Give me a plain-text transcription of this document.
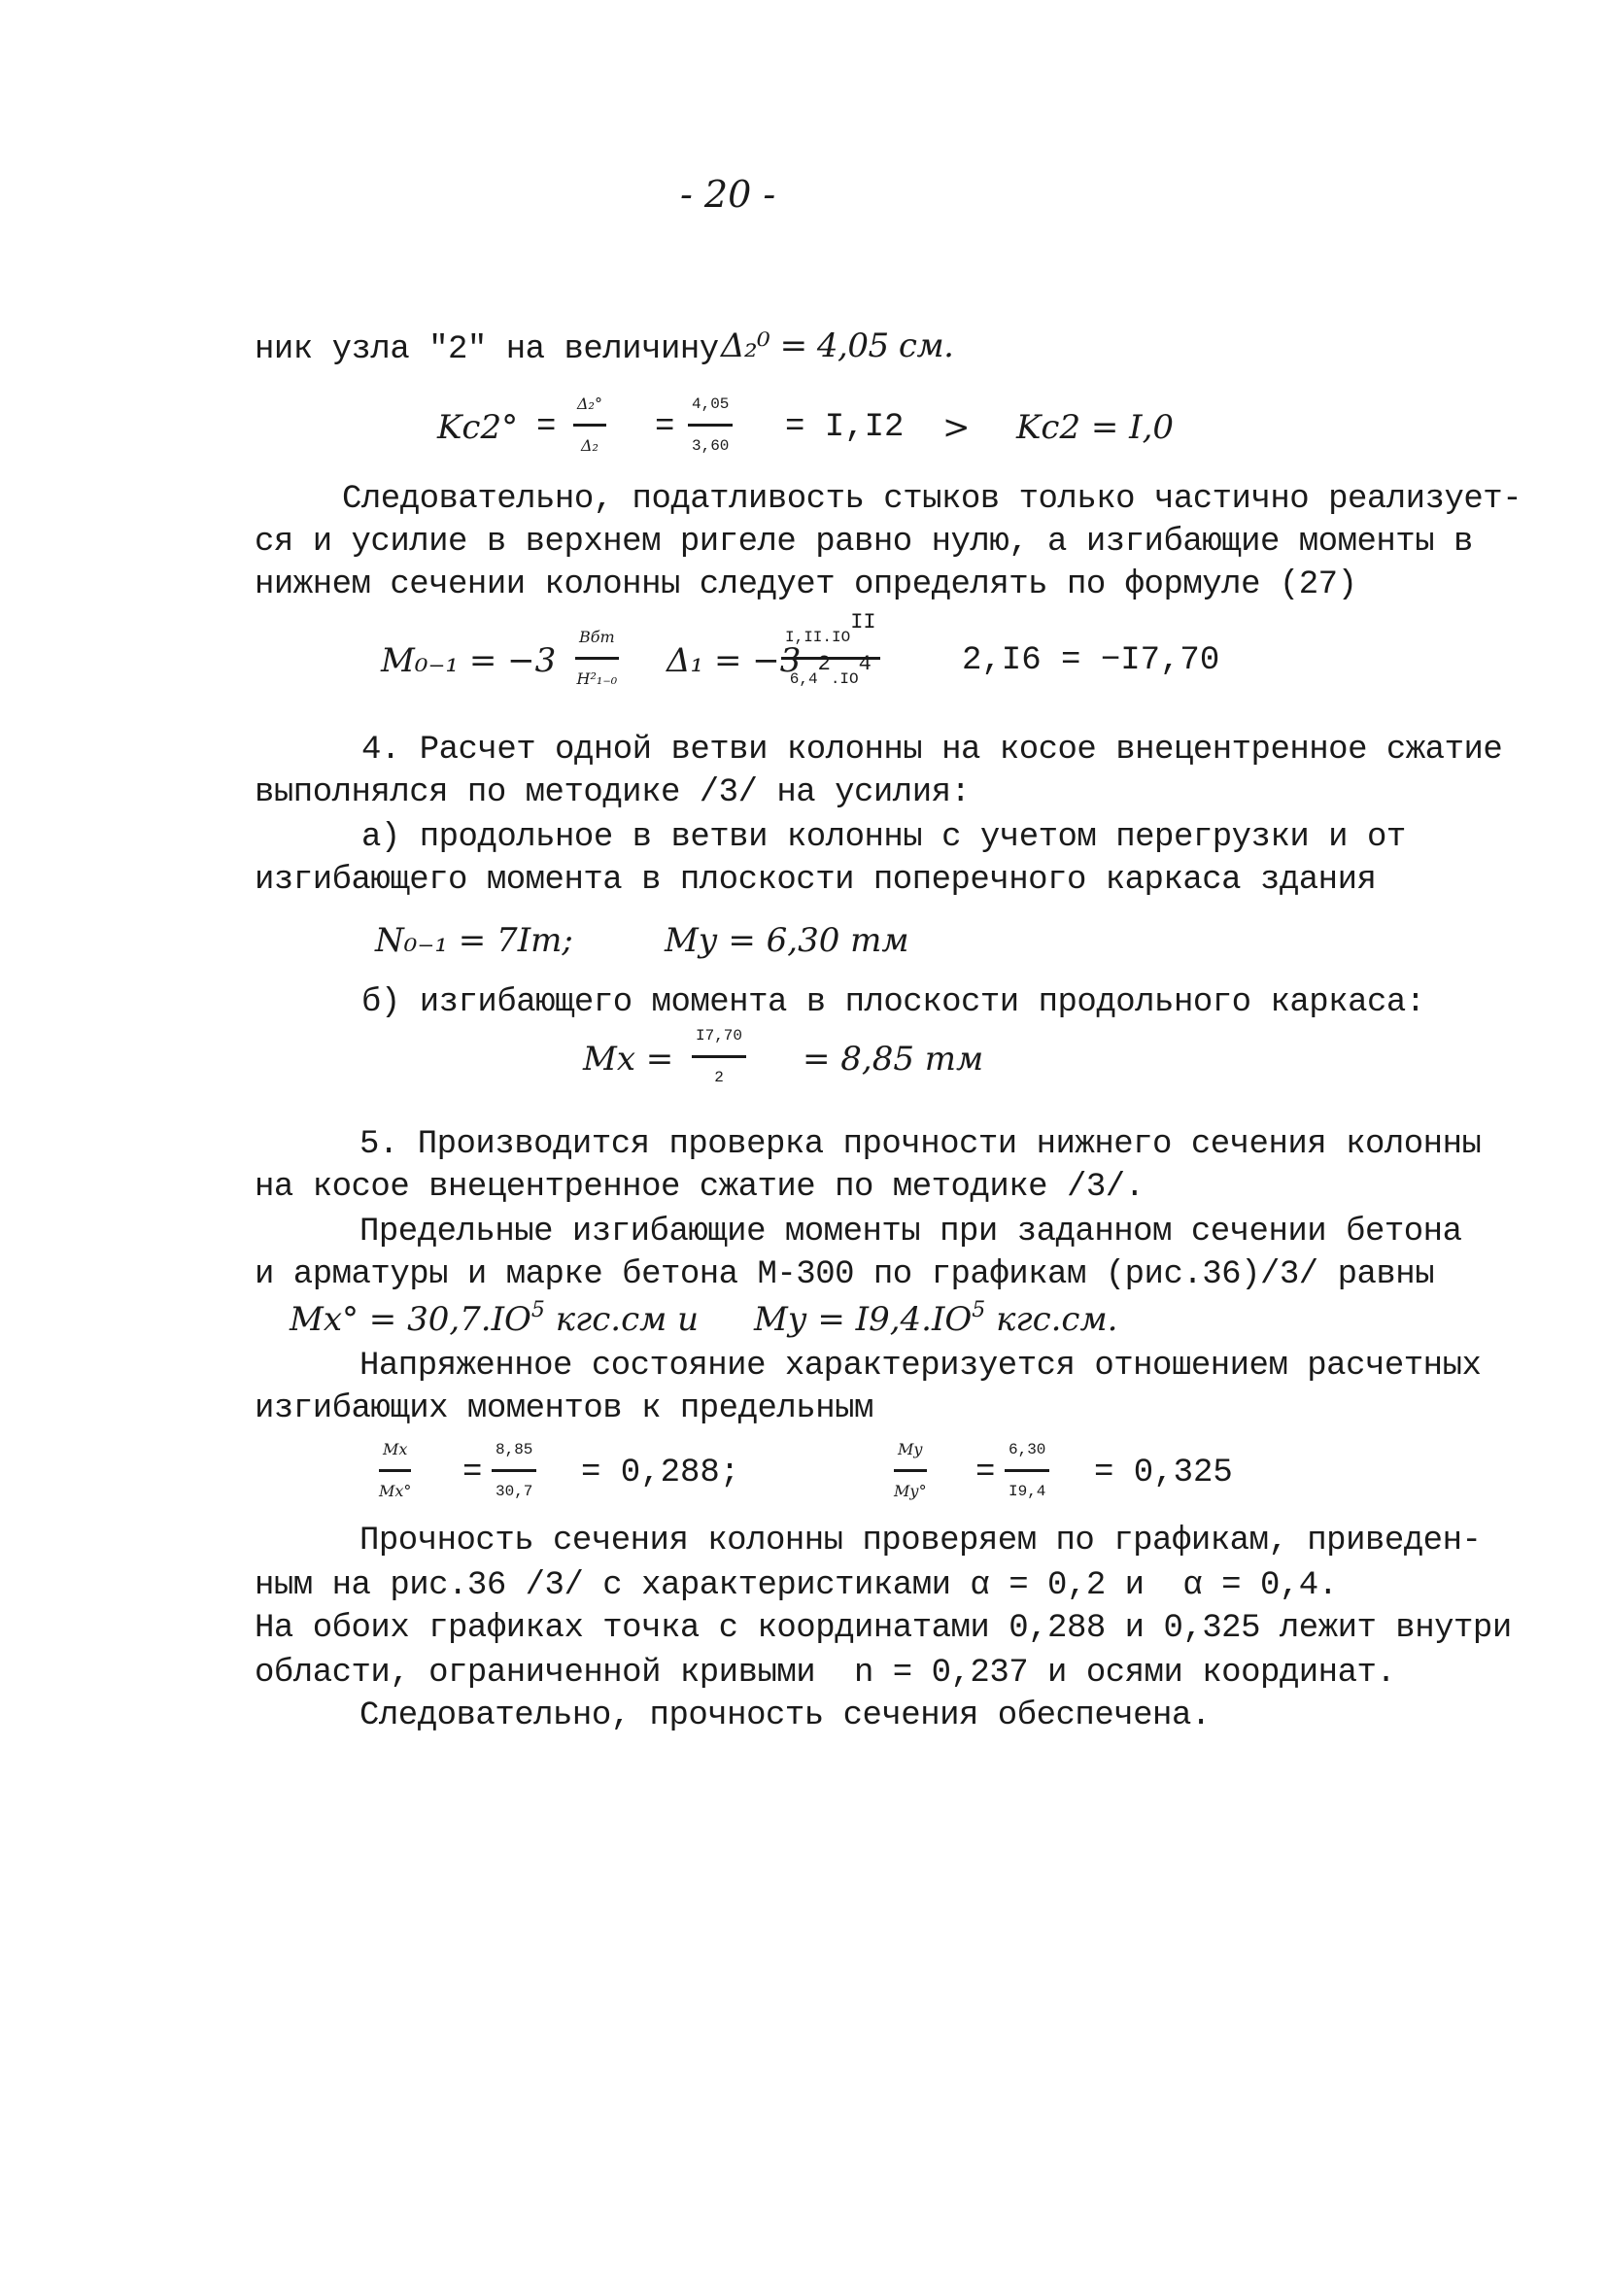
- 20 -
ник узла "2" на величину Δ₂⁰ = 4,05 см.
$Kc2^\circ = \frac{\text{Δ₂°}}{\text{Δ₂}} = \frac{4,05}{3,60} = I,I2 > Kc2 = I,0$
Следовательно, податливость стыков только частично реализует-
ся и усилие в верхнем ригеле равно нулю, а изгибающие моменты в
нижнем сечении колонны следует определять по формуле (27)
M₀₋₁ = −3
Bбт
H²₁₋₀ Δ₁ = −3
$I,II.IO^{II}$
$6,4^2.IO^4$	2,I6 = −I7,70
4. Расчет одной ветви колонны на косое внецентренное сжатие
выполнялся по методике /3/ на усилия:
а) продольное в ветви колонны с учетом перегрузки и от
изгибающего момента в плоскости поперечного каркаса здания
N₀₋₁ = 7Iт;	Mу = 6,30 тм
б) изгибающего момента в плоскости продольного каркаса:
$Mx = \frac{I7,70}{2} = 8,85$ тм
5. Производится проверка прочности нижнего сечения колонны
на косое внецентренное сжатие по методике /3/.
Предельные изгибающие моменты при заданном сечении бетона
и арматуры и марке бетона М-300 по графикам (рис.36)/3/ равны
$Mx^\circ = 30,7.IO^5$ кгс.см и Mу = $I9,4.IO^5$ кгс.см.
Напряженное состояние характеризуется отношением расчетных
изгибающих моментов к предельным
$\frac{Mx}{Mx^\circ} = \frac{8,85}{30,7} = 0,288$;
Mу
$Mу^\circ = \frac{6,30}{I9,4} = 0,325$
Прочность сечения колонны проверяем по графикам, приведен-
ным на рис.36 /3/ с характеристиками α = 0,2 и  α = 0,4.
На обоих графиках точка с координатами 0,288 и 0,325 лежит внутри
области, ограниченной кривыми  n = 0,237 и осями координат.
Следовательно, прочность сечения обеспечена.
